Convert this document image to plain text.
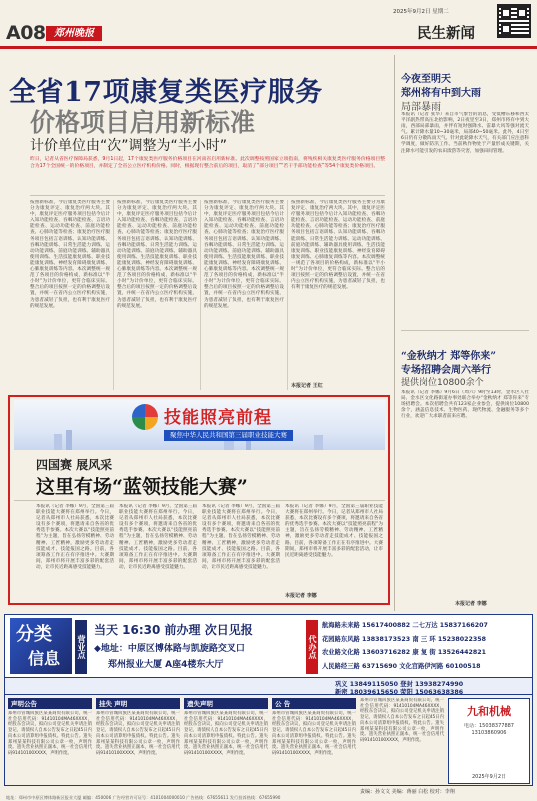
A08 郑州晚报
2025年9月2日 星期二
民生新闻
全省17项康复类医疗服务
价格项目启用新标准
计价单位由“次”调整为“半小时”
昨日，记者从省医疗保障局获悉，9月1日起，17个康复类医疗服务价格项目在河南省启用新标准。此次调整按照国家立项指南，将残疾相关康复类医疗服务价格项目整合为17个全国统一的价格项目，并制定了全省公立医疗机构价格。同时，根据现行整合前后的项目，取消了“部分项目”“若干手部功能检查”等54个康复类价格项目。
按照新标准，今后康复类医疗服务主要分为康复评定、康复治疗两大块。其中，康复评定医疗服务项目包括今后计入知功能检查、吞咽功能检查、言语功能检查、运动功能检查、前庭功能检查、心肺功能等检查；康复治疗医疗服务项目包括言语训练、认知功能训练、吞咽功能训练、日常生活能力训练、运动功能训练、前庭功能训练、辅助器具使用训练、生活技能康复训练、职业技能康复训练、神经发育障碍康复训练、心肺康复训练等内容。本次调整统一规范了各项目的价格构成，新标准以“半小时”为计价单位，更符合临床实际。整合后的项目按照一定的价格调整后设置，并统一在省内公立医疗机构实施，为患者减轻了负担，也有利于康复医疗的规范发展。
按照新标准，今后康复类医疗服务主要分为康复评定、康复治疗两大块。其中，康复评定医疗服务项目包括今后计入知功能检查、吞咽功能检查、言语功能检查、运动功能检查、前庭功能检查、心肺功能等检查；康复治疗医疗服务项目包括言语训练、认知功能训练、吞咽功能训练、日常生活能力训练、运动功能训练、前庭功能训练、辅助器具使用训练、生活技能康复训练、职业技能康复训练、神经发育障碍康复训练、心肺康复训练等内容。本次调整统一规范了各项目的价格构成，新标准以“半小时”为计价单位，更符合临床实际。整合后的项目按照一定的价格调整后设置，并统一在省内公立医疗机构实施，为患者减轻了负担，也有利于康复医疗的规范发展。
按照新标准，今后康复类医疗服务主要分为康复评定、康复治疗两大块。其中，康复评定医疗服务项目包括今后计入知功能检查、吞咽功能检查、言语功能检查、运动功能检查、前庭功能检查、心肺功能等检查；康复治疗医疗服务项目包括言语训练、认知功能训练、吞咽功能训练、日常生活能力训练、运动功能训练、前庭功能训练、辅助器具使用训练、生活技能康复训练、职业技能康复训练、神经发育障碍康复训练、心肺康复训练等内容。本次调整统一规范了各项目的价格构成，新标准以“半小时”为计价单位，更符合临床实际。整合后的项目按照一定的价格调整后设置，并统一在省内公立医疗机构实施，为患者减轻了负担，也有利于康复医疗的规范发展。
按照新标准，今后康复类医疗服务主要分为康复评定、康复治疗两大块。其中，康复评定医疗服务项目包括今后计入知功能检查、吞咽功能检查、言语功能检查、运动功能检查、前庭功能检查、心肺功能等检查；康复治疗医疗服务项目包括言语训练、认知功能训练、吞咽功能训练、日常生活能力训练、运动功能训练、前庭功能训练、辅助器具使用训练、生活技能康复训练、职业技能康复训练、神经发育障碍康复训练、心肺康复训练等内容。本次调整统一规范了各项目的价格构成，新标准以“半小时”为计价单位，更符合临床实际。整合后的项目按照一定的价格调整后设置，并统一在省内公立医疗机构实施，为患者减轻了负担，也有利于康复医疗的规范发展。
本报记者 王红
技能照亮前程
聚焦中华人民共和国第三届职业技能大赛
四国赛 展风采
这里有场“蓝领技能大赛”
本报讯（记者 李娜）9月，全国第三届职业技能大赛将在郑州举行。今日，记者从郑州市人社局获悉，本次比赛设有多个赛项，将邀请来自各省的优秀选手参赛。本次大赛以“技能照亮前程”为主题，旨在弘扬劳模精神、劳动精神、工匠精神，激励更多劳动者走技能成才、技能报国之路。目前，各项筹备工作正在有序推进中。大赛期间，郑州市将开展丰富多彩的配套活动，让市民近距离感受技能魅力。
本报讯（记者 李娜）9月，全国第三届职业技能大赛将在郑州举行。今日，记者从郑州市人社局获悉，本次比赛设有多个赛项，将邀请来自各省的优秀选手参赛。本次大赛以“技能照亮前程”为主题，旨在弘扬劳模精神、劳动精神、工匠精神，激励更多劳动者走技能成才、技能报国之路。目前，各项筹备工作正在有序推进中。大赛期间，郑州市将开展丰富多彩的配套活动，让市民近距离感受技能魅力。
本报讯（记者 李娜）9月，全国第三届职业技能大赛将在郑州举行。今日，记者从郑州市人社局获悉，本次比赛设有多个赛项，将邀请来自各省的优秀选手参赛。本次大赛以“技能照亮前程”为主题，旨在弘扬劳模精神、劳动精神、工匠精神，激励更多劳动者走技能成才、技能报国之路。目前，各项筹备工作正在有序推进中。大赛期间，郑州市将开展丰富多彩的配套活动，让市民近距离感受技能魅力。
本报讯（记者 李娜）9月，全国第三届职业技能大赛将在郑州举行。今日，记者从郑州市人社局获悉，本次比赛设有多个赛项，将邀请来自各省的优秀选手参赛。本次大赛以“技能照亮前程”为主题，旨在弘扬劳模精神、劳动精神、工匠精神，激励更多劳动者走技能成才、技能报国之路。目前，各项筹备工作正在有序推进中。大赛期间，郑州市将开展丰富多彩的配套活动，让市民近距离感受技能魅力。
本报记者 李娜
今夜至明天
郑州将有中到大雨
局部暴雨
本报讯（记者 张华）来自市气象台的消息，受低槽东移和西太平洋副热带高压北抬影响，2日夜里至3日，郑州市将有中到大雨，西部局部暴雨，并伴有短时强降水、雷暴大风等强对流天气。累计降水量10~30毫米，局部40~50毫米。此外，4日至6日仍有分散阵雨天气。针对此轮降水天气，有关部门应注意科学调度，做好防汛工作。当前秋作物处于产量形成关键期，关注降水可能引发的农田渍涝等灾害，加强田间管理。
“金秋纳才 郑等你来”
专场招聘会周六举行
提供岗位10800余个
本报讯（记者 李娜）9月6日（周六）9时至13时，金水区人社局、金水区文化路街道办事处联合举办“金秋纳才 郑等你来”专场招聘会。本次招聘会共有123家企业参会，提供岗位10800余个，涵盖信息技术、生物医药、现代物流、金融服务等多个行业，欢迎广大求职者前来应聘。
本报记者 李娜
分类
信息 营业点
当天 16:30 前办理 次日见报
◆地址：中原区博体路与凯旋路交叉口
郑州报业大厦 A座4楼东大厅
代办点
航海路未来路 15617400882 二七万达 15837166207
花园路东风路 13838173523 南 三 环 15238022358
农业路文化路 13603716282 康 复 街 13526442821
人民路经三路 63715690 文化宫路伊河路 60100518
巩义 13849115050 登封 13938274990
新密 18039615650 荥阳 15063638386
声明公告
郑州市管城回族区某某商贸有限公司，统一社会信用代码：91410104MA46XXXX，经股东会决议，拟向公司登记机关申请注销登记，请债权人自本公告发布之日起45日内向本公司清算组申报债权。特此公告。遗失郑州某某科技有限公司公章一枚，声明作废。遗失营业执照正副本，统一社会信用代码91410100XXXX，声明作废。
挂失 声明
郑州市管城回族区某某商贸有限公司，统一社会信用代码：91410104MA46XXXX，经股东会决议，拟向公司登记机关申请注销登记，请债权人自本公告发布之日起45日内向本公司清算组申报债权。特此公告。遗失郑州某某科技有限公司公章一枚，声明作废。遗失营业执照正副本，统一社会信用代码91410100XXXX，声明作废。
遗失声明
郑州市管城回族区某某商贸有限公司，统一社会信用代码：91410104MA46XXXX，经股东会决议，拟向公司登记机关申请注销登记，请债权人自本公告发布之日起45日内向本公司清算组申报债权。特此公告。遗失郑州某某科技有限公司公章一枚，声明作废。遗失营业执照正副本，统一社会信用代码91410100XXXX，声明作废。
公 告
郑州市管城回族区某某商贸有限公司，统一社会信用代码：91410104MA46XXXX，经股东会决议，拟向公司登记机关申请注销登记，请债权人自本公告发布之日起45日内向本公司清算组申报债权。特此公告。遗失郑州某某科技有限公司公章一枚，声明作废。遗失营业执照正副本，统一社会信用代码91410100XXXX，声明作废。
郑州市管城回族区某某商贸有限公司，统一社会信用代码：91410104MA46XXXX，经股东会决议，拟向公司登记机关申请注销登记，请债权人自本公告发布之日起45日内向本公司清算组申报债权。特此公告。遗失郑州某某科技有限公司公章一枚，声明作废。遗失营业执照正副本，统一社会信用代码91410100XXXX，声明作废。
九和机械
电话：15038377887 13103860906
2025年9月2日
责编：孙文文 美编：蒋丽 白松 校对：李翔
地址：郑州市中原区博体路新区报业大厦 邮编：450006 广告经营许可证号：4101004000010 广告热线：67655611 发行投诉热线：67655990
